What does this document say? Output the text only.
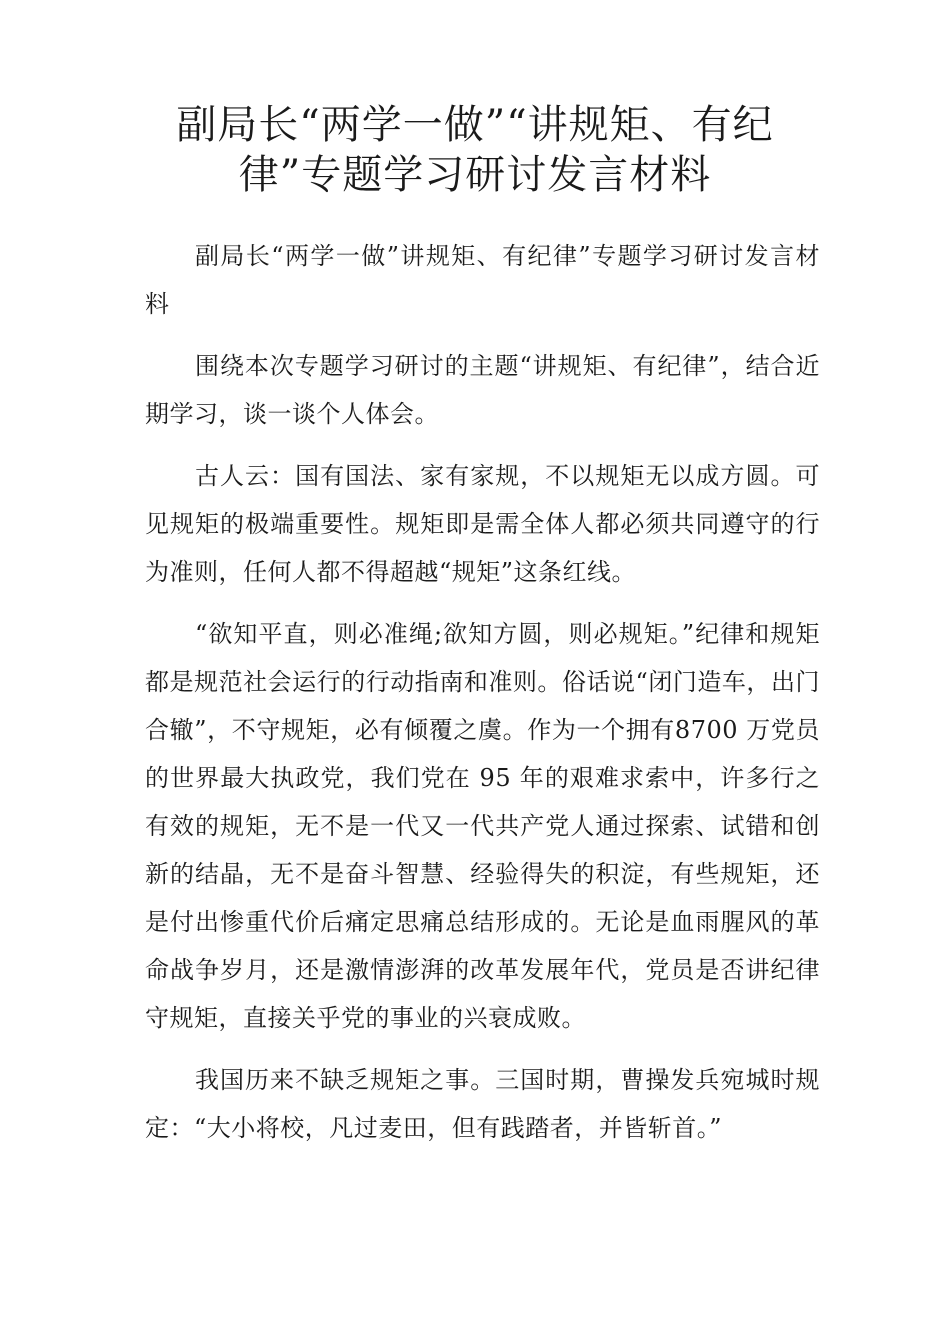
副局长“两学一做”“讲规矩、有纪
律”专题学习研讨发言材料

副局长“两学一做”讲规矩、有纪律”专题学习研讨发言材料

围绕本次专题学习研讨的主题“讲规矩、有纪律”，结合近期学习，谈一谈个人体会。

古人云：国有国法、家有家规，不以规矩无以成方圆。可见规矩的极端重要性。规矩即是需全体人都必须共同遵守的行为准则，任何人都不得超越“规矩”这条红线。

“欲知平直，则必准绳;欲知方圆，则必规矩。”纪律和规矩都是规范社会运行的行动指南和准则。俗话说“闭门造车，出门合辙”，不守规矩，必有倾覆之虞。作为一个拥有8700 万党员的世界最大执政党，我们党在 95 年的艰难求索中，许多行之有效的规矩，无不是一代又一代共产党人通过探索、试错和创新的结晶，无不是奋斗智慧、经验得失的积淀，有些规矩，还是付出惨重代价后痛定思痛总结形成的。无论是血雨腥风的革命战争岁月，还是激情澎湃的改革发展年代，党员是否讲纪律守规矩，直接关乎党的事业的兴衰成败。

我国历来不缺乏规矩之事。三国时期，曹操发兵宛城时规定：“大小将校，凡过麦田，但有践踏者，并皆斩首。”
